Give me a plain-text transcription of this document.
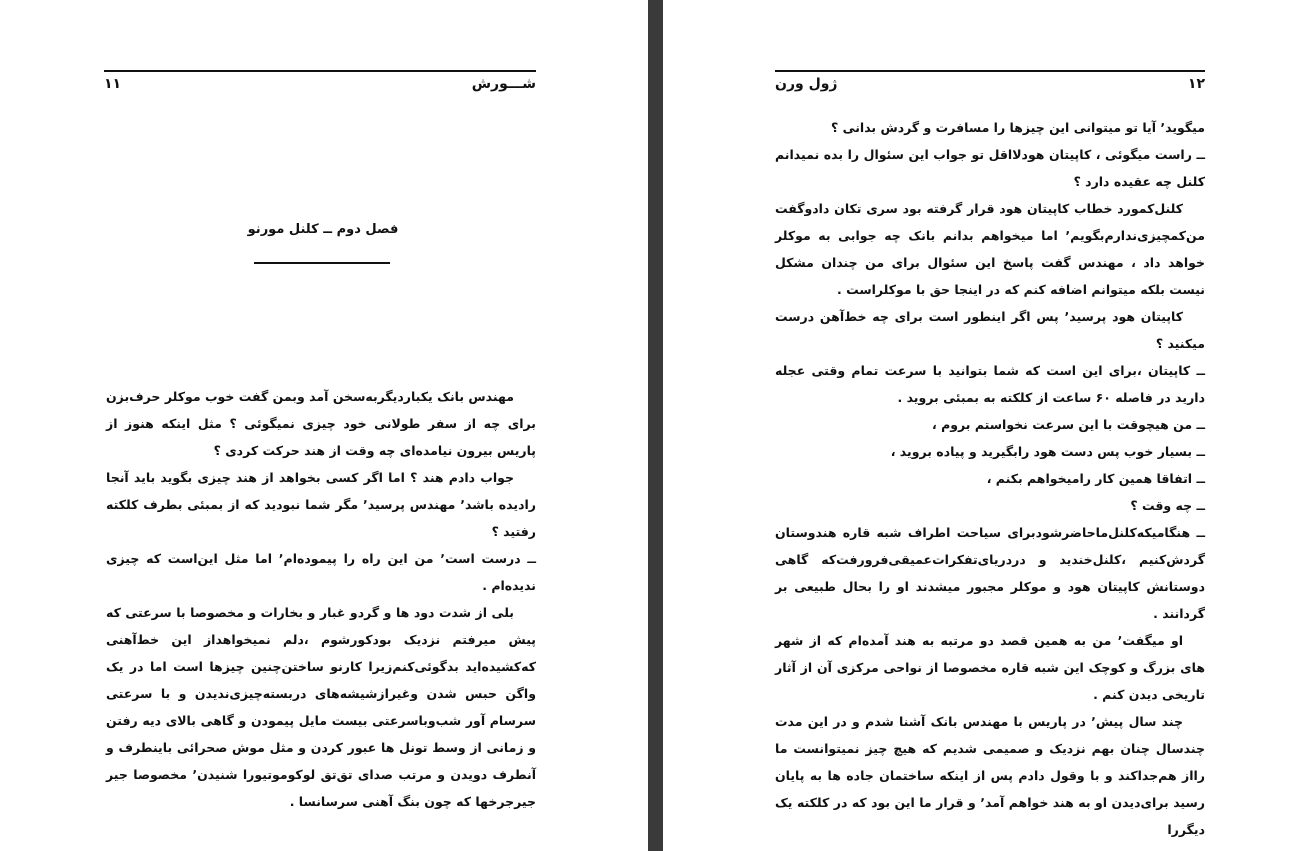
۱۱	شـــورش
فصل دوم ــ کلنل مورنو

مهندس بانک یکباردیگربه‌سخن آمد وبمن گفت خوب موکلر حرف‌بزن برای چه از سفر طولانی خود چیزی نمیگوئی ؟ مثل اینکه هنوز از پاریس بیرون نیامده‌ای چه وقت از هند حرکت کردی ؟

جواب دادم هند ؟ اما اگر کسی بخواهد از هند چیزی بگوید باید آنجا رادیده باشد٬ مهندس پرسید٬ مگر شما نبودید که از بمبئی بطرف کلکته رفتید ؟

ــ درست است٬ من این راه را پیموده‌ام٬ اما مثل این‌است که چیزی ندیده‌ام .

بلی از شدت دود ها و گردو غبار و بخارات و مخصوصا با سرعتی که پیش میرفتم نزدیک بودکورشوم ،دلم نمیخواهداز این خط‌آهنی که‌کشیده‌اید بدگوئی‌کنم‌زیرا کارنو ساختن‌چنین چیزها است اما در یک واگن حبس شدن وغیرازشیشه‌های دربسته‌چیزی‌ندیدن و با سرعتی سرسام آور شب‌وبا‌سرعتی بیست مایل پیمودن و گاهی بالای دیه رفتن و زمانی از وسط تونل ها عبور کردن و مثل موش صحرائی باینطرف و آنطرف دویدن و مرتب صدای تق‌تق لوکوموتیورا شنیدن٬ مخصوصا جیر جیرجرخها که چون بنگ آهنی سرسانسا .

ژول ورن	۱۲

میگوید٬ آیا تو میتوانی این چیزها را مسافرت و گردش بدانی ؟

ــ راست میگوئی ، کاپیتان هودلااقل تو جواب این سئوال را بده نمیدانم کلنل چه عقیده دارد ؟

کلنل‌کمورد خطاب کاپیتان هود قرار گرفته بود سری تکان دادوگفت من‌کمچیزی‌ندارم‌بگویم٬ اما میخواهم بدانم بانک چه جوابی به موکلر خواهد داد ، مهندس گفت پاسخ این سئوال برای من چندان مشکل نیست بلکه میتوانم اضافه کنم که در اینجا حق با موکلراست .

کاپیتان هود پرسید٬ پس اگر اینطور است برای چه خط‌آهن درست میکنید ؟

ــ کاپیتان ،برای این است که شما بتوانید با سرعت تمام وقتی عجله دارید در فاصله ۶۰ ساعت از کلکته به بمبئی بروید .

ــ من هیچوقت با این سرعت نخواستم بروم ،

ــ بسیار خوب پس دست هود رابگیرید و پیاده بروید ،

ــ اتفاقا همین کار رامیخواهم بکنم ،

ــ چه وقت ؟

ــ هنگامیکه‌کلنل‌ماحاضرشودبرای سیاحت اطراف شبه قاره هندوستان گردش‌کنیم ،کلنل‌خندید و دردریای‌تفکرات‌عمیقی‌فرورفت‌که گاهی دوستانش کاپیتان هود و موکلر مجبور میشدند او را بحال طبیعی بر گردانند .

او میگفت٬ من به همین قصد دو مرتبه به هند آمده‌ام که از شهر های بزرگ و کوچک این شبه قاره مخصوصا از نواحی مرکزی آن از آثار تاریخی دیدن کنم .

چند سال پیش٬ در پاریس با مهندس بانک آشنا شدم و در این مدت چندسال چنان بهم نزدیک و صمیمی شدیم که هیچ چیز نمیتوانست ما رااز هم‌جدا‌کند و با وقول دادم پس از اینکه ساختمان جاده ها به پایان رسید برای‌دیدن او به هند خواهم آمد٬ و قرار ما این بود که در کلکته یک دیگررا
